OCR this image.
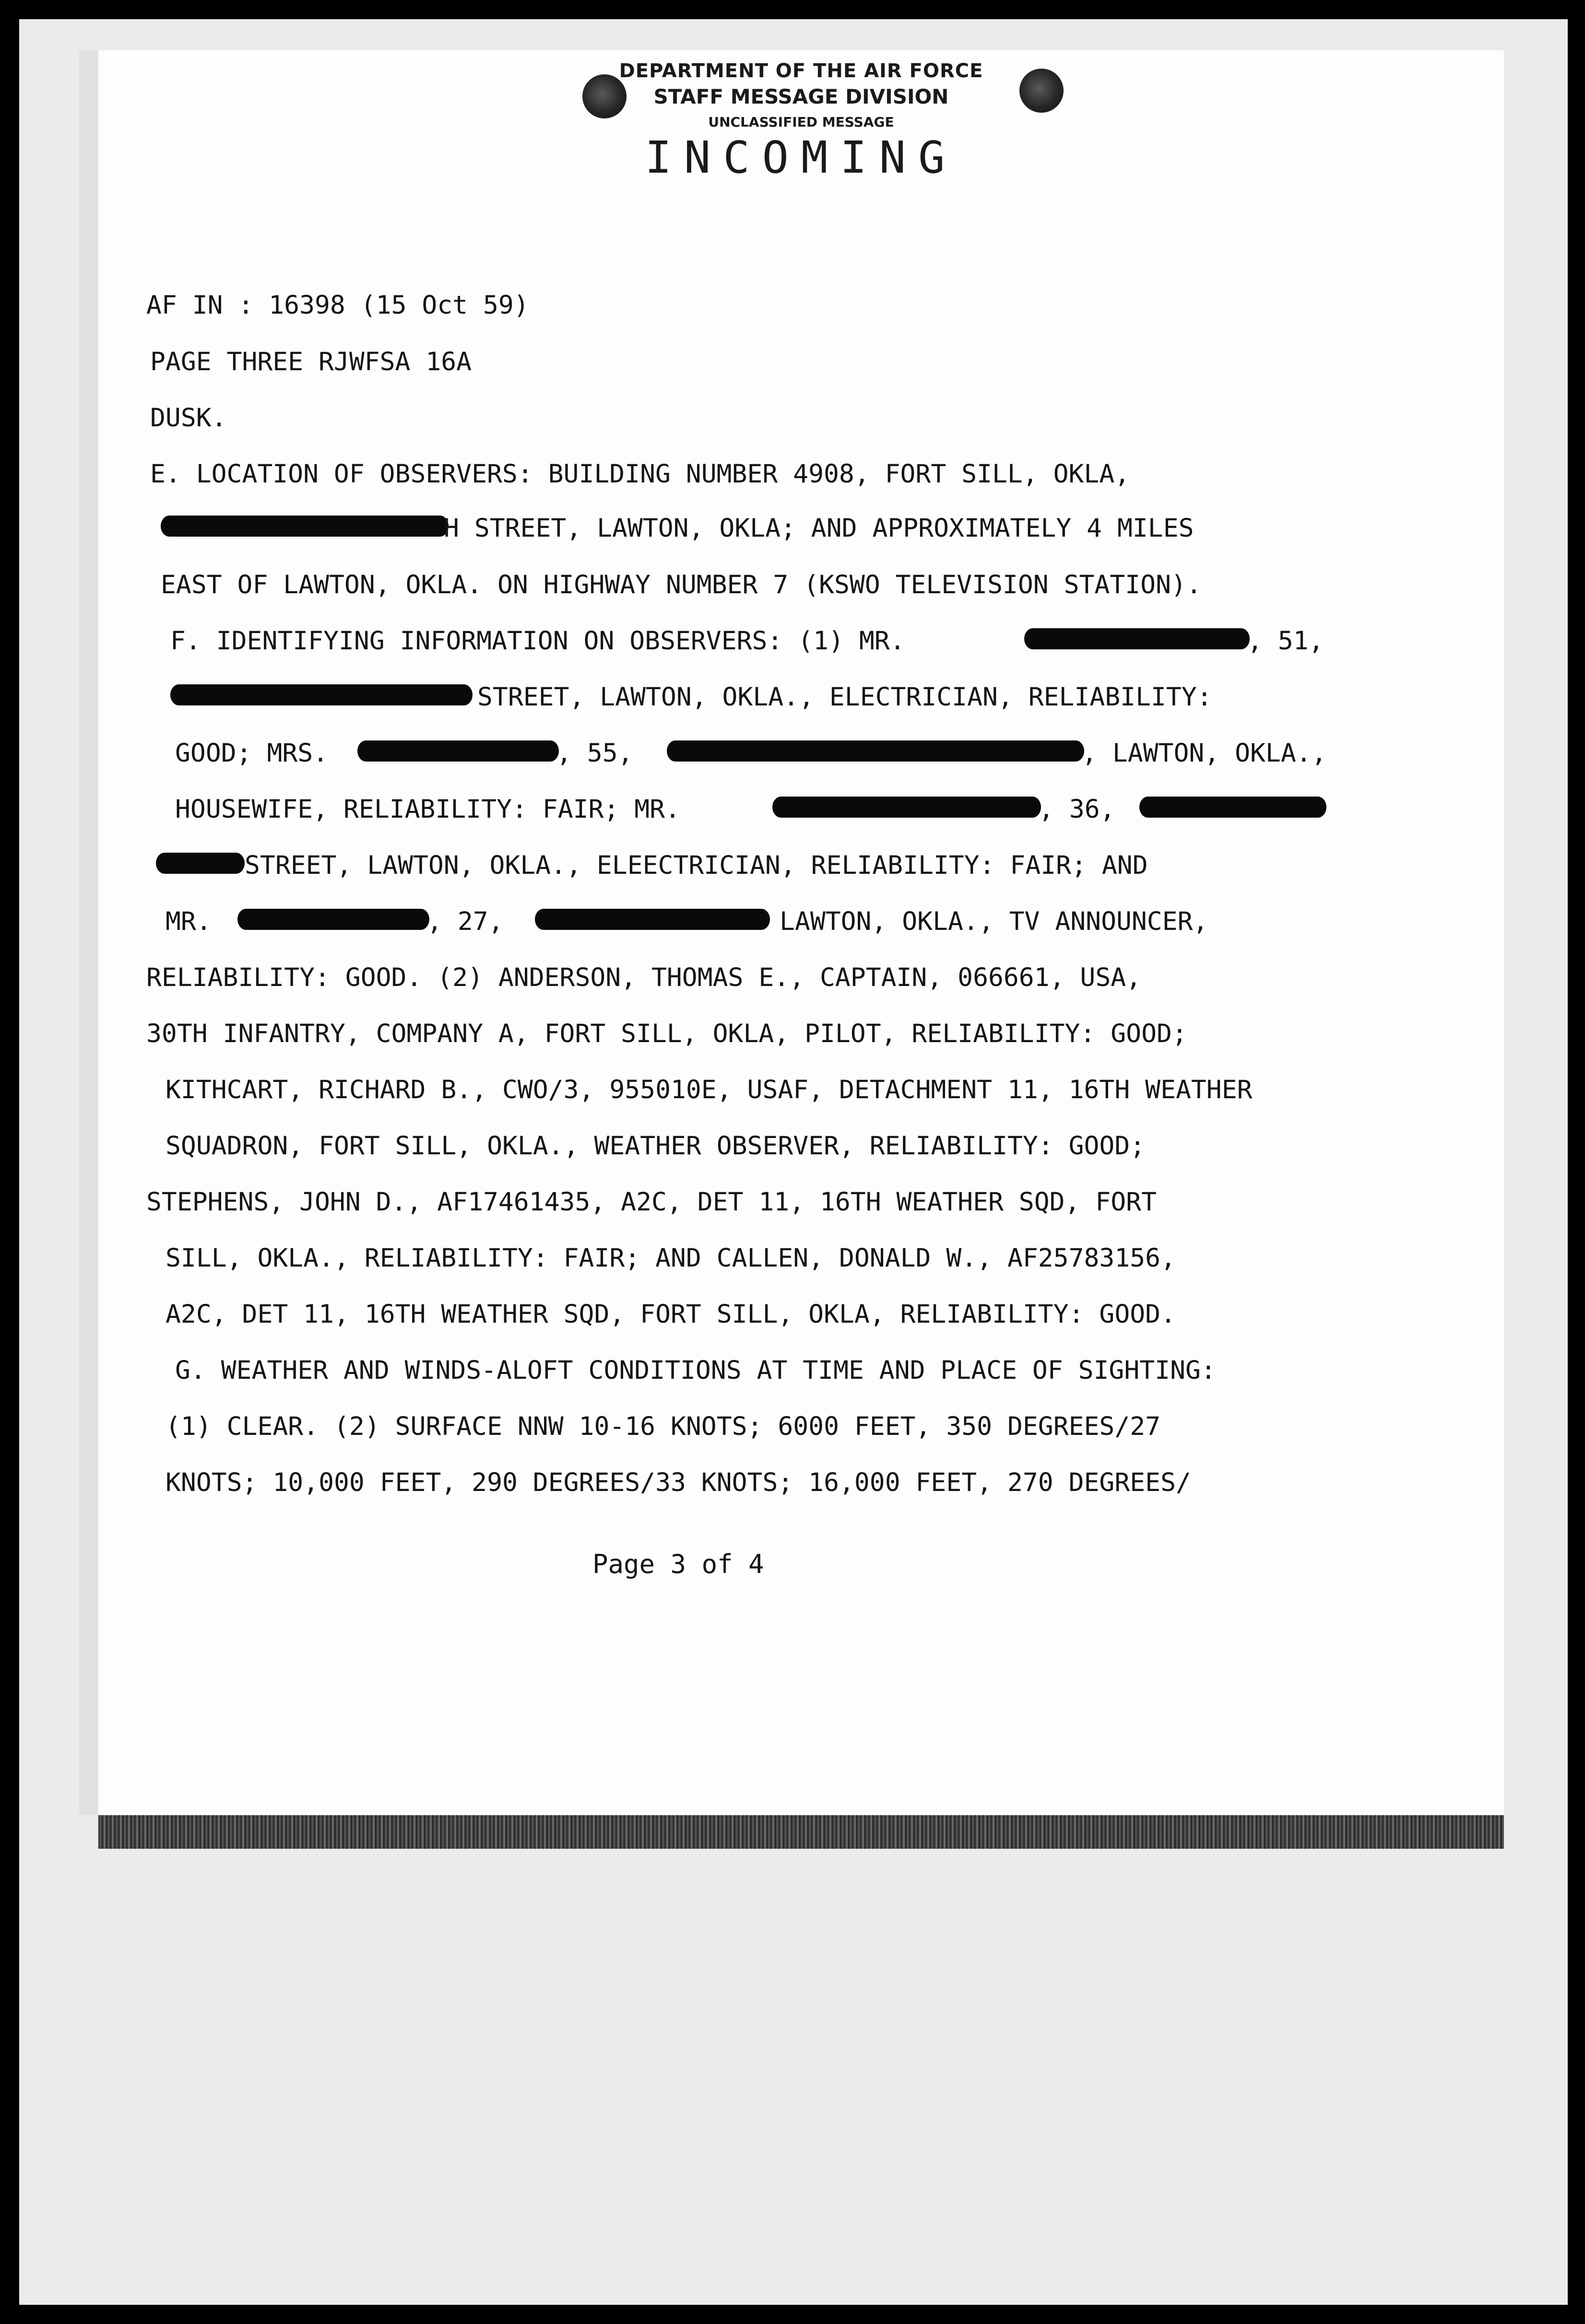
DEPARTMENT OF THE AIR FORCE
STAFF MESSAGE DIVISION
UNCLASSIFIED MESSAGE
INCOMING
AF IN : 16398 (15 Oct 59)
PAGE THREE RJWFSA 16A
DUSK.
E. LOCATION OF OBSERVERS: BUILDING NUMBER 4908, FORT SILL, OKLA,
H STREET, LAWTON, OKLA; AND APPROXIMATELY 4 MILES
EAST OF LAWTON, OKLA. ON HIGHWAY NUMBER 7 (KSWO TELEVISION STATION).
F. IDENTIFYING INFORMATION ON OBSERVERS: (1) MR.	, 51,
STREET, LAWTON, OKLA., ELECTRICIAN, RELIABILITY:
GOOD; MRS.	, 55,	, LAWTON, OKLA.,
HOUSEWIFE, RELIABILITY: FAIR; MR.	, 36,
STREET, LAWTON, OKLA., ELEECTRICIAN, RELIABILITY: FAIR; AND
MR.	, 27,	LAWTON, OKLA., TV ANNOUNCER,
RELIABILITY: GOOD. (2) ANDERSON, THOMAS E., CAPTAIN, 066661, USA,
30TH INFANTRY, COMPANY A, FORT SILL, OKLA, PILOT, RELIABILITY: GOOD;
KITHCART, RICHARD B., CWO/3, 955010E, USAF, DETACHMENT 11, 16TH WEATHER
SQUADRON, FORT SILL, OKLA., WEATHER OBSERVER, RELIABILITY: GOOD;
STEPHENS, JOHN D., AF17461435, A2C, DET 11, 16TH WEATHER SQD, FORT
SILL, OKLA., RELIABILITY: FAIR; AND CALLEN, DONALD W., AF25783156,
A2C, DET 11, 16TH WEATHER SQD, FORT SILL, OKLA, RELIABILITY: GOOD.
G. WEATHER AND WINDS-ALOFT CONDITIONS AT TIME AND PLACE OF SIGHTING:
(1) CLEAR. (2) SURFACE NNW 10-16 KNOTS; 6000 FEET, 350 DEGREES/27
KNOTS; 10,000 FEET, 290 DEGREES/33 KNOTS; 16,000 FEET, 270 DEGREES/
Page 3 of 4
